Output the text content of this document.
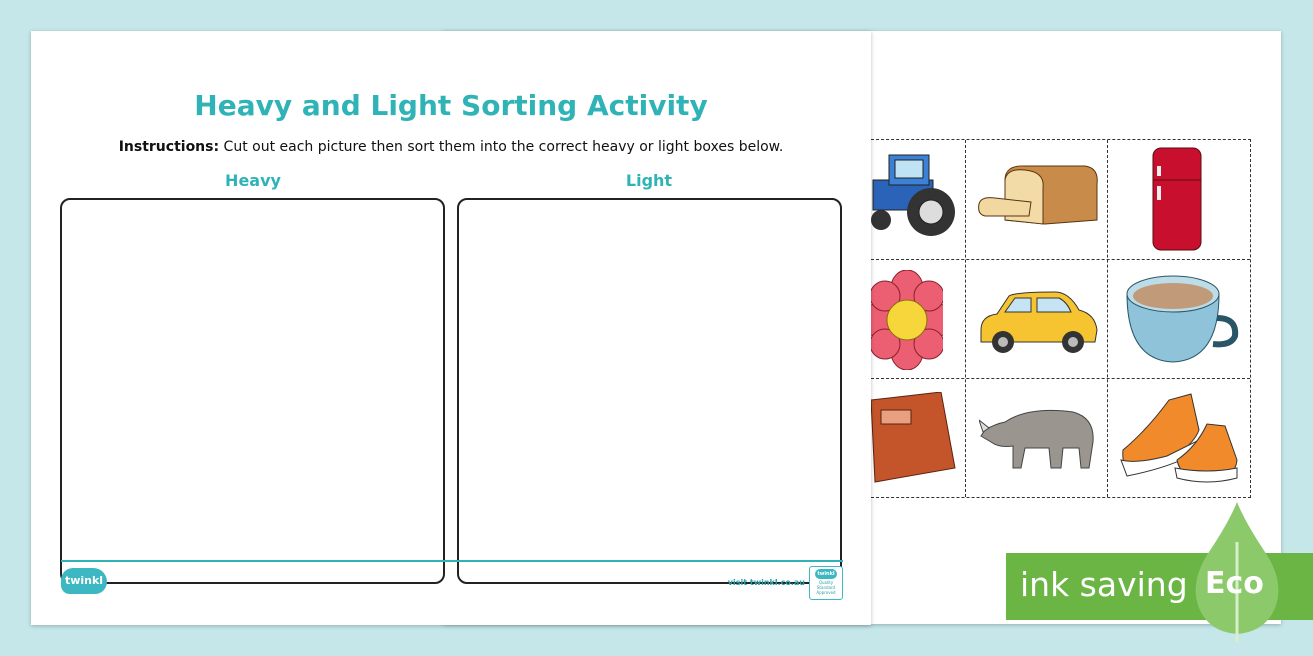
Heavy and Light Sorting Activity
Instructions: Cut out each picture then sort them into the correct heavy or light boxes below.
Heavy	Light
twinkl	visit twinkl.co.au
twinkl
Quality Standard Approved	ink saving Eco
